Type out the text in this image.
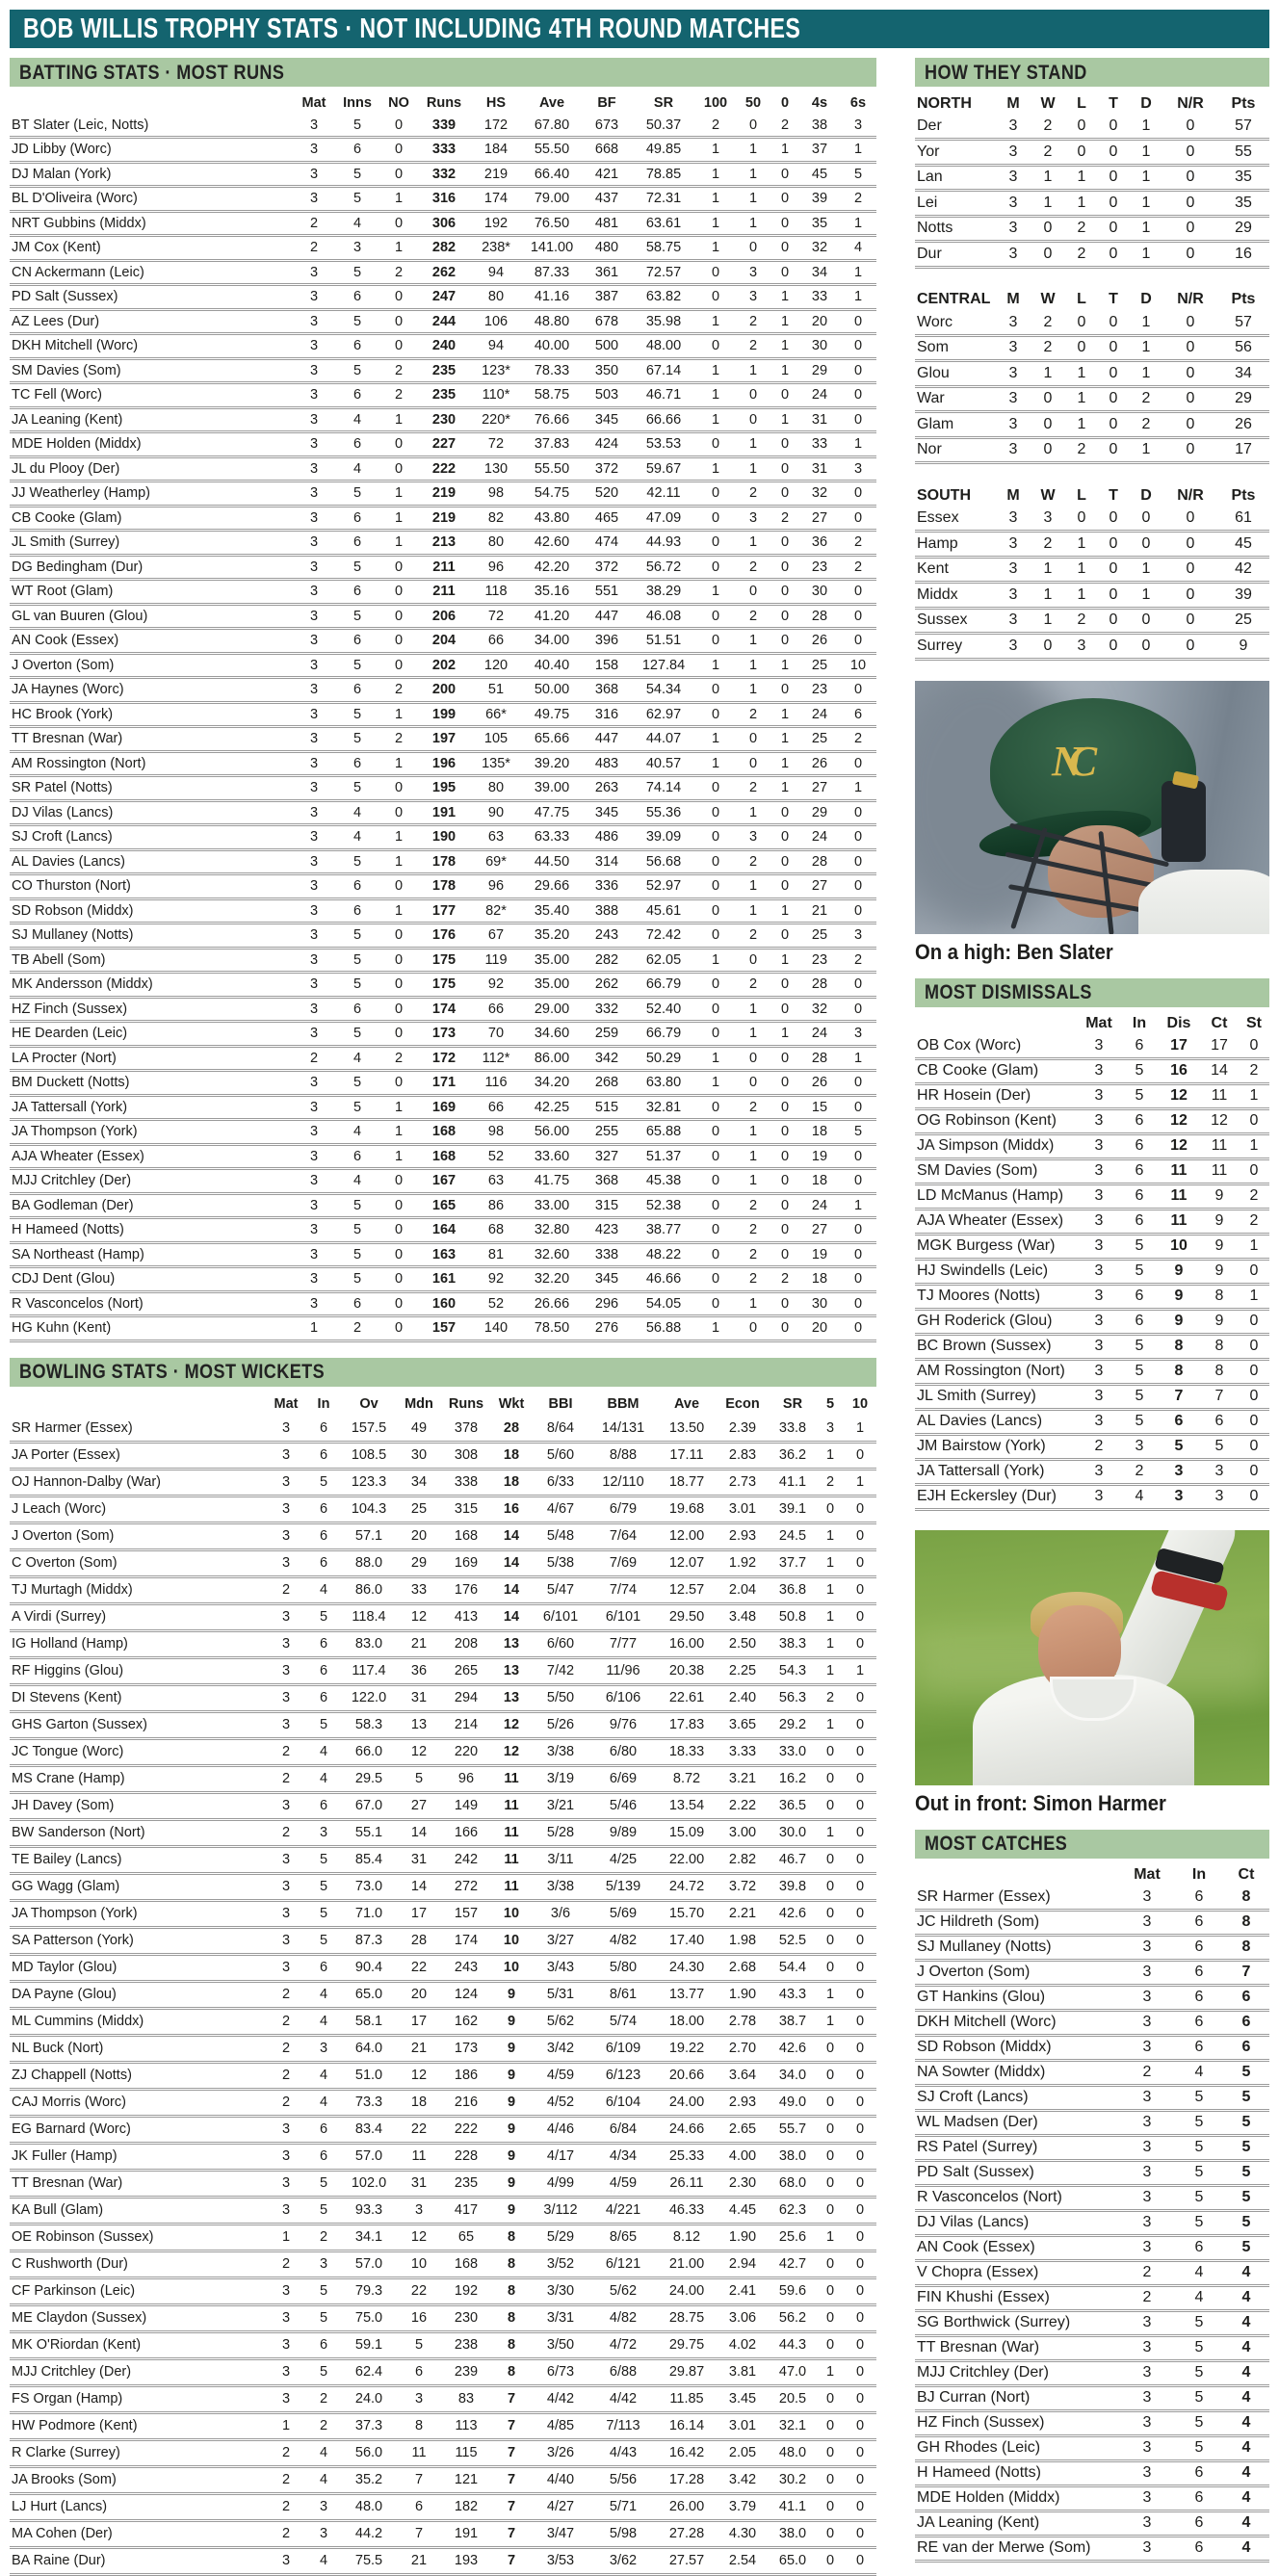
BOB WILLIS TROPHY STATS · NOT INCLUDING 4TH ROUND MATCHES
BATTING STATS · MOST RUNS
	Mat	Inns	NO	Runs	HS	Ave	BF	SR	100	50	0	4s	6s
BT Slater (Leic, Notts)	3	5	0	339	172	67.80	673	50.37	2	0	2	38	3
JD Libby (Worc)	3	6	0	333	184	55.50	668	49.85	1	1	1	37	1
DJ Malan (York)	3	5	0	332	219	66.40	421	78.85	1	1	0	45	5
BL D'Oliveira (Worc)	3	5	1	316	174	79.00	437	72.31	1	1	0	39	2
NRT Gubbins (Middx)	2	4	0	306	192	76.50	481	63.61	1	1	0	35	1
JM Cox (Kent)	2	3	1	282	238*	141.00	480	58.75	1	0	0	32	4
CN Ackermann (Leic)	3	5	2	262	94	87.33	361	72.57	0	3	0	34	1
PD Salt (Sussex)	3	6	0	247	80	41.16	387	63.82	0	3	1	33	1
AZ Lees (Dur)	3	5	0	244	106	48.80	678	35.98	1	2	1	20	0
DKH Mitchell (Worc)	3	6	0	240	94	40.00	500	48.00	0	2	1	30	0
SM Davies (Som)	3	5	2	235	123*	78.33	350	67.14	1	1	1	29	0
TC Fell (Worc)	3	6	2	235	110*	58.75	503	46.71	1	0	0	24	0
JA Leaning (Kent)	3	4	1	230	220*	76.66	345	66.66	1	0	1	31	0
MDE Holden (Middx)	3	6	0	227	72	37.83	424	53.53	0	1	0	33	1
JL du Plooy (Der)	3	4	0	222	130	55.50	372	59.67	1	1	0	31	3
JJ Weatherley (Hamp)	3	5	1	219	98	54.75	520	42.11	0	2	0	32	0
CB Cooke (Glam)	3	6	1	219	82	43.80	465	47.09	0	3	2	27	0
JL Smith (Surrey)	3	6	1	213	80	42.60	474	44.93	0	1	0	36	2
DG Bedingham (Dur)	3	5	0	211	96	42.20	372	56.72	0	2	0	23	2
WT Root (Glam)	3	6	0	211	118	35.16	551	38.29	1	0	0	30	0
GL van Buuren (Glou)	3	5	0	206	72	41.20	447	46.08	0	2	0	28	0
AN Cook (Essex)	3	6	0	204	66	34.00	396	51.51	0	1	0	26	0
J Overton (Som)	3	5	0	202	120	40.40	158	127.84	1	1	1	25	10
JA Haynes (Worc)	3	6	2	200	51	50.00	368	54.34	0	1	0	23	0
HC Brook (York)	3	5	1	199	66*	49.75	316	62.97	0	2	1	24	6
TT Bresnan (War)	3	5	2	197	105	65.66	447	44.07	1	0	1	25	2
AM Rossington (Nort)	3	6	1	196	135*	39.20	483	40.57	1	0	1	26	0
SR Patel (Notts)	3	5	0	195	80	39.00	263	74.14	0	2	1	27	1
DJ Vilas (Lancs)	3	4	0	191	90	47.75	345	55.36	0	1	0	29	0
SJ Croft (Lancs)	3	4	1	190	63	63.33	486	39.09	0	3	0	24	0
AL Davies (Lancs)	3	5	1	178	69*	44.50	314	56.68	0	2	0	28	0
CO Thurston (Nort)	3	6	0	178	96	29.66	336	52.97	0	1	0	27	0
SD Robson (Middx)	3	6	1	177	82*	35.40	388	45.61	0	1	1	21	0
SJ Mullaney (Notts)	3	5	0	176	67	35.20	243	72.42	0	2	0	25	3
TB Abell (Som)	3	5	0	175	119	35.00	282	62.05	1	0	1	23	2
MK Andersson (Middx)	3	5	0	175	92	35.00	262	66.79	0	2	0	28	0
HZ Finch (Sussex)	3	6	0	174	66	29.00	332	52.40	0	1	0	32	0
HE Dearden (Leic)	3	5	0	173	70	34.60	259	66.79	0	1	1	24	3
LA Procter (Nort)	2	4	2	172	112*	86.00	342	50.29	1	0	0	28	1
BM Duckett (Notts)	3	5	0	171	116	34.20	268	63.80	1	0	0	26	0
JA Tattersall (York)	3	5	1	169	66	42.25	515	32.81	0	2	0	15	0
JA Thompson (York)	3	4	1	168	98	56.00	255	65.88	0	1	0	18	5
AJA Wheater (Essex)	3	6	1	168	52	33.60	327	51.37	0	1	0	19	0
MJJ Critchley (Der)	3	4	0	167	63	41.75	368	45.38	0	1	0	18	0
BA Godleman (Der)	3	5	0	165	86	33.00	315	52.38	0	2	0	24	1
H Hameed (Notts)	3	5	0	164	68	32.80	423	38.77	0	2	0	27	0
SA Northeast (Hamp)	3	5	0	163	81	32.60	338	48.22	0	2	0	19	0
CDJ Dent (Glou)	3	5	0	161	92	32.20	345	46.66	0	2	2	18	0
R Vasconcelos (Nort)	3	6	0	160	52	26.66	296	54.05	0	1	0	30	0
HG Kuhn (Kent)	1	2	0	157	140	78.50	276	56.88	1	0	0	20	0
BOWLING STATS · MOST WICKETS
	Mat	In	Ov	Mdn	Runs	Wkt	BBI	BBM	Ave	Econ	SR	5	10
SR Harmer (Essex)	3	6	157.5	49	378	28	8/64	14/131	13.50	2.39	33.8	3	1
JA Porter (Essex)	3	6	108.5	30	308	18	5/60	8/88	17.11	2.83	36.2	1	0
OJ Hannon-Dalby (War)	3	5	123.3	34	338	18	6/33	12/110	18.77	2.73	41.1	2	1
J Leach (Worc)	3	6	104.3	25	315	16	4/67	6/79	19.68	3.01	39.1	0	0
J Overton (Som)	3	6	57.1	20	168	14	5/48	7/64	12.00	2.93	24.5	1	0
C Overton (Som)	3	6	88.0	29	169	14	5/38	7/69	12.07	1.92	37.7	1	0
TJ Murtagh (Middx)	2	4	86.0	33	176	14	5/47	7/74	12.57	2.04	36.8	1	0
A Virdi (Surrey)	3	5	118.4	12	413	14	6/101	6/101	29.50	3.48	50.8	1	0
IG Holland (Hamp)	3	6	83.0	21	208	13	6/60	7/77	16.00	2.50	38.3	1	0
RF Higgins (Glou)	3	6	117.4	36	265	13	7/42	11/96	20.38	2.25	54.3	1	1
DI Stevens (Kent)	3	6	122.0	31	294	13	5/50	6/106	22.61	2.40	56.3	2	0
GHS Garton (Sussex)	3	5	58.3	13	214	12	5/26	9/76	17.83	3.65	29.2	1	0
JC Tongue (Worc)	2	4	66.0	12	220	12	3/38	6/80	18.33	3.33	33.0	0	0
MS Crane (Hamp)	2	4	29.5	5	96	11	3/19	6/69	8.72	3.21	16.2	0	0
JH Davey (Som)	3	6	67.0	27	149	11	3/21	5/46	13.54	2.22	36.5	0	0
BW Sanderson (Nort)	2	3	55.1	14	166	11	5/28	9/89	15.09	3.00	30.0	1	0
TE Bailey (Lancs)	3	5	85.4	31	242	11	3/11	4/25	22.00	2.82	46.7	0	0
GG Wagg (Glam)	3	5	73.0	14	272	11	3/38	5/139	24.72	3.72	39.8	0	0
JA Thompson (York)	3	5	71.0	17	157	10	3/6	5/69	15.70	2.21	42.6	0	0
SA Patterson (York)	3	5	87.3	28	174	10	3/27	4/82	17.40	1.98	52.5	0	0
MD Taylor (Glou)	3	6	90.4	22	243	10	3/43	5/80	24.30	2.68	54.4	0	0
DA Payne (Glou)	2	4	65.0	20	124	9	5/31	8/61	13.77	1.90	43.3	1	0
ML Cummins (Middx)	2	4	58.1	17	162	9	5/62	5/74	18.00	2.78	38.7	1	0
NL Buck (Nort)	2	3	64.0	21	173	9	3/42	6/109	19.22	2.70	42.6	0	0
ZJ Chappell (Notts)	2	4	51.0	12	186	9	4/59	6/123	20.66	3.64	34.0	0	0
CAJ Morris (Worc)	2	4	73.3	18	216	9	4/52	6/104	24.00	2.93	49.0	0	0
EG Barnard (Worc)	3	6	83.4	22	222	9	4/46	6/84	24.66	2.65	55.7	0	0
JK Fuller (Hamp)	3	6	57.0	11	228	9	4/17	4/34	25.33	4.00	38.0	0	0
TT Bresnan (War)	3	5	102.0	31	235	9	4/99	4/59	26.11	2.30	68.0	0	0
KA Bull (Glam)	3	5	93.3	3	417	9	3/112	4/221	46.33	4.45	62.3	0	0
OE Robinson (Sussex)	1	2	34.1	12	65	8	5/29	8/65	8.12	1.90	25.6	1	0
C Rushworth (Dur)	2	3	57.0	10	168	8	3/52	6/121	21.00	2.94	42.7	0	0
CF Parkinson (Leic)	3	5	79.3	22	192	8	3/30	5/62	24.00	2.41	59.6	0	0
ME Claydon (Sussex)	3	5	75.0	16	230	8	3/31	4/82	28.75	3.06	56.2	0	0
MK O'Riordan (Kent)	3	6	59.1	5	238	8	3/50	4/72	29.75	4.02	44.3	0	0
MJJ Critchley (Der)	3	5	62.4	6	239	8	6/73	6/88	29.87	3.81	47.0	1	0
FS Organ (Hamp)	3	2	24.0	3	83	7	4/42	4/42	11.85	3.45	20.5	0	0
HW Podmore (Kent)	1	2	37.3	8	113	7	4/85	7/113	16.14	3.01	32.1	0	0
R Clarke (Surrey)	2	4	56.0	11	115	7	3/26	4/43	16.42	2.05	48.0	0	0
JA Brooks (Som)	2	4	35.2	7	121	7	4/40	5/56	17.28	3.42	30.2	0	0
LJ Hurt (Lancs)	2	3	48.0	6	182	7	4/27	5/71	26.00	3.79	41.1	0	0
MA Cohen (Der)	2	3	44.2	7	191	7	3/47	5/98	27.28	4.30	38.0	0	0
BA Raine (Dur)	3	4	75.5	21	193	7	3/53	3/62	27.57	2.54	65.0	0	0
HOW THEY STAND
NORTH	M	W	L	T	D	N/R	Pts
Der	3	2	0	0	1	0	57
Yor	3	2	0	0	1	0	55
Lan	3	1	1	0	1	0	35
Lei	3	1	1	0	1	0	35
Notts	3	0	2	0	1	0	29
Dur	3	0	2	0	1	0	16
CENTRAL	M	W	L	T	D	N/R	Pts
Worc	3	2	0	0	1	0	57
Som	3	2	0	0	1	0	56
Glou	3	1	1	0	1	0	34
War	3	0	1	0	2	0	29
Glam	3	0	1	0	2	0	26
Nor	3	0	2	0	1	0	17
SOUTH	M	W	L	T	D	N/R	Pts
Essex	3	3	0	0	0	0	61
Hamp	3	2	1	0	0	0	45
Kent	3	1	1	0	1	0	42
Middx	3	1	1	0	1	0	39
Sussex	3	1	2	0	0	0	25
Surrey	3	0	3	0	0	0	9
NC
On a high: Ben Slater
MOST DISMISSALS
	Mat	In	Dis	Ct	St
OB Cox (Worc)	3	6	17	17	0
CB Cooke (Glam)	3	5	16	14	2
HR Hosein (Der)	3	5	12	11	1
OG Robinson (Kent)	3	6	12	12	0
JA Simpson (Middx)	3	6	12	11	1
SM Davies (Som)	3	6	11	11	0
LD McManus (Hamp)	3	6	11	9	2
AJA Wheater (Essex)	3	6	11	9	2
MGK Burgess (War)	3	5	10	9	1
HJ Swindells (Leic)	3	5	9	9	0
TJ Moores (Notts)	3	6	9	8	1
GH Roderick (Glou)	3	6	9	9	0
BC Brown (Sussex)	3	5	8	8	0
AM Rossington (Nort)	3	5	8	8	0
JL Smith (Surrey)	3	5	7	7	0
AL Davies (Lancs)	3	5	6	6	0
JM Bairstow (York)	2	3	5	5	0
JA Tattersall (York)	3	2	3	3	0
EJH Eckersley (Dur)	3	4	3	3	0
Out in front: Simon Harmer
MOST CATCHES
	Mat	In	Ct
SR Harmer (Essex)	3	6	8
JC Hildreth (Som)	3	6	8
SJ Mullaney (Notts)	3	6	8
J Overton (Som)	3	6	7
GT Hankins (Glou)	3	6	6
DKH Mitchell (Worc)	3	6	6
SD Robson (Middx)	3	6	6
NA Sowter (Middx)	2	4	5
SJ Croft (Lancs)	3	5	5
WL Madsen (Der)	3	5	5
RS Patel (Surrey)	3	5	5
PD Salt (Sussex)	3	5	5
R Vasconcelos (Nort)	3	5	5
DJ Vilas (Lancs)	3	5	5
AN Cook (Essex)	3	6	5
V Chopra (Essex)	2	4	4
FIN Khushi (Essex)	2	4	4
SG Borthwick (Surrey)	3	5	4
TT Bresnan (War)	3	5	4
MJJ Critchley (Der)	3	5	4
BJ Curran (Nort)	3	5	4
HZ Finch (Sussex)	3	5	4
GH Rhodes (Leic)	3	5	4
H Hameed (Notts)	3	6	4
MDE Holden (Middx)	3	6	4
JA Leaning (Kent)	3	6	4
RE van der Merwe (Som)	3	6	4
